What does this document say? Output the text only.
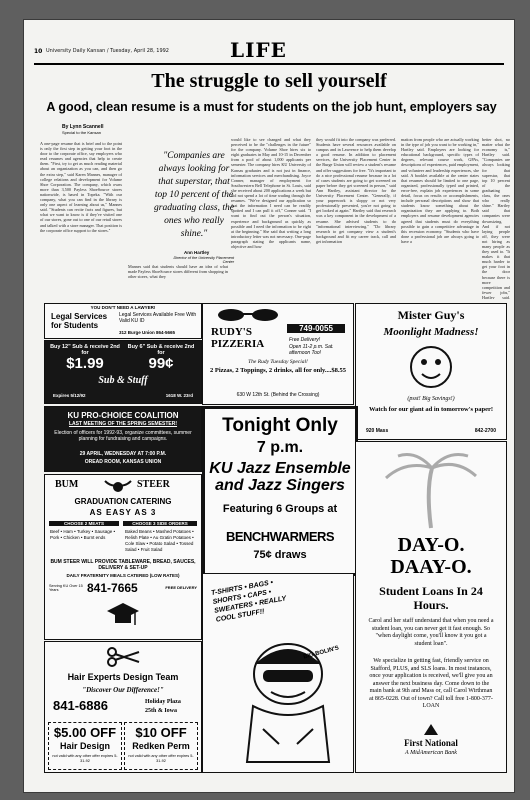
10 University Daily Kansan / Tuesday, April 28, 1992	LIFE
The struggle to sell yourself
A good, clean resume is a must for students on the job hunt, employers say
By Lynn Scannell
Special to the Kansan
A one-page resume that is brief and to the point is only the first step in getting your foot in the door to the corporate office, say employers who read resumes and agencies that help to create them. "First, try to get as much reading material about an organization as you can, and then go the extra step," said Karen Mannes, manager of college relations and development for Volume Shoe Corporation. The company, which owns more than 3,500 Payless ShoeSource stores nationwide, is based in Topeka. "With our company, what you can find in the library is only one aspect of learning about us," Mannes said. "Students can recite facts and figures, but what we want to know is if they've visited one of our stores, gone out to one of our retail stores and talked with a store manager. That position is the corporate office support to the stores."
"Companies are always looking for that superstar, that top 10 percent of the graduating class, the ones who really shine."
Ann Hartley
Director of the University Placement Center
Mannes said that students should have an idea of what made Payless ShoeSource stores different from shopping in other stores, what they
would like to see changed and what they perceived to be the "challenges in the future" for the company. Volume Shoe hires six to eight graduates in May and 10-15 in December from a pool of about 1,000 applicants per semester. The company hires KU University of Kansas graduates and is not just in finance, information services and merchandising. Joyce Conner, manager of employment for Southwestern Bell Telephone in St. Louis, said she received about 200 applications a week but did not spend a lot of time wading through the resumes. "We've designed our application so that the information I need can be readily spotted and I can pull it off," Conner said. "I want to find out the person's situation, experience and background as quickly as possible and I need the information to be right at the beginning." She said that writing a long introductory letter was not necessary. One-page paragraph stating the applicants name, objective and how
they would fit into the company was preferred. Students have several resources available on campus and in Lawrence to help them develop a good resume. In addition to placement services, the University Placement Center in the Burge Union will review a student's resume and offer suggestions for free. "It's important to do a nice professional resume because in a lot of cases students are going to get screened on paper before they get screened in person," said Ann Hartley, assistant director for the University Placement Center. "Generally, if your paperwork is sloppy or not very professionally presented, you're not going to get looked at again." Hartley said that research was a key component in the development of a resume. She advised students to do "informational interviewing." "Do library research to get company view a student's background and fit my career track, call and get information
mation from people who are actually working in the type of job you want to be working in," Hartley said. Employers are looking for educational background, specific types of degrees, relevant course work, GPAs, descriptions of experiences, paid employment, and volunteer and leadership experiences, she said. A booklet available at the center states that resumes should be limited to one page, organized, professionally typed and printed, error-free, explain job experiences in some detail, focus on results or accomplishments, include personal descriptions and show that students know something about the organization they are applying to. Both employers and resume development agencies agreed that students must do everything possible to gain a competitive advantage in this recession economy. "Students who have done a professional job are always going to have a
better shot, no matter what the economy is," Hartley said. "Companies are always looking for that superstar, that top 10 percent of the graduating class, the ones who really shine." Hartley said that companies were downsizing. And if not laying people off, they were not hiring as many people as they used to. "It makes it that much harder to get your foot in the door because there is more competition and fewer jobs," Hartley said.
YOU DON'T NEED A LAWYER!
Legal Services for Students
Legal Services Available Free With Valid KU ID
312 Burge Union 864-5665
Buy 12" Sub & receive 2nd for
$1.99
Buy 6" Sub & receive 2nd for
99¢
Sub & Stuff
Expires 5/12/92	1618 W. 23rd
RUDY'S PIZZERIA
749-0055
Free Delivery!
Open 11-2 p.m. Sat. afternoon Too!
The Rudy Tuesday Special!
2 Pizzas, 2 Toppings, 2 drinks, all for only....$8.55
630 W 12th St. (Behind the Crossing)
Mister Guy's
Moonlight Madness!
(psst! Big Savings!)
Watch for our giant ad in tomorrow's paper!
920 Mass	842-2700
KU PRO-CHOICE COALITION
LAST MEETING OF THE SPRING SEMESTER!
Election of officers for 1992-93, organize committees, summer planning for fundraising and campaigns.
29 APRIL, WEDNESDAY AT 7:00 P.M.
OREAD ROOM, KANSAS UNION
Tonight Only
7 p.m.
KU Jazz Ensemble and Jazz Singers
Featuring 6 Groups at
BENCHWARMERS
75¢ draws
BUM	STEER
GRADUATION CATERING
AS EASY AS 3
CHOOSE 2 MEATS	CHOOSE 3 SIDE ORDERS
Beef • Ham • Turkey • Sausage • Pork • Chicken • Burnt ends
Baked Beans • Mashed Potatoes • Relish Plate • Au Gratin Potatoes • Cole Slaw • Potato Salad • Tossed Salad • Fruit Salad
BUM STEER WILL PROVIDE TABLEWARE, BREAD, SAUCES, DELIVERY & SET-UP
DAILY FRATERNITY MEALS CATERED (LOW RATES)
Serving KU Over 15 Years	841-7665	FREE DELIVERY T-SHIRTS • BAGS • SHORTS • CAPS • SWEATERS • REALLY COOL STUFF!!
BIG BOLIN'S
DAY-O.
DAAY-O.
Student Loans In 24 Hours.
Carol and her staff understand that when you need a student loan, you can never get it fast enough. So "when daylight come, you'll know it you got a student loan".
We specialize in getting fast, friendly service on Stafford, PLUS, and SLS loans. In most instances, once your application is received, we'll give you an answer the next business day. Come down to the main bank at 9th and Mass or, call Carol Wirthman at 865-0228. Out of town? Call toll free 1-800-377-LOAN
First National
A MidAmerican Bank
Hair Experts Design Team
"Discover Our Difference!"
841-6886	Holiday Plaza
25th & Iowa
$5.00 OFF
Hair Design
not valid with any other offer expires 5-31-92
$10 OFF
Redken Perm
not valid with any other offer expires 5-31-92
